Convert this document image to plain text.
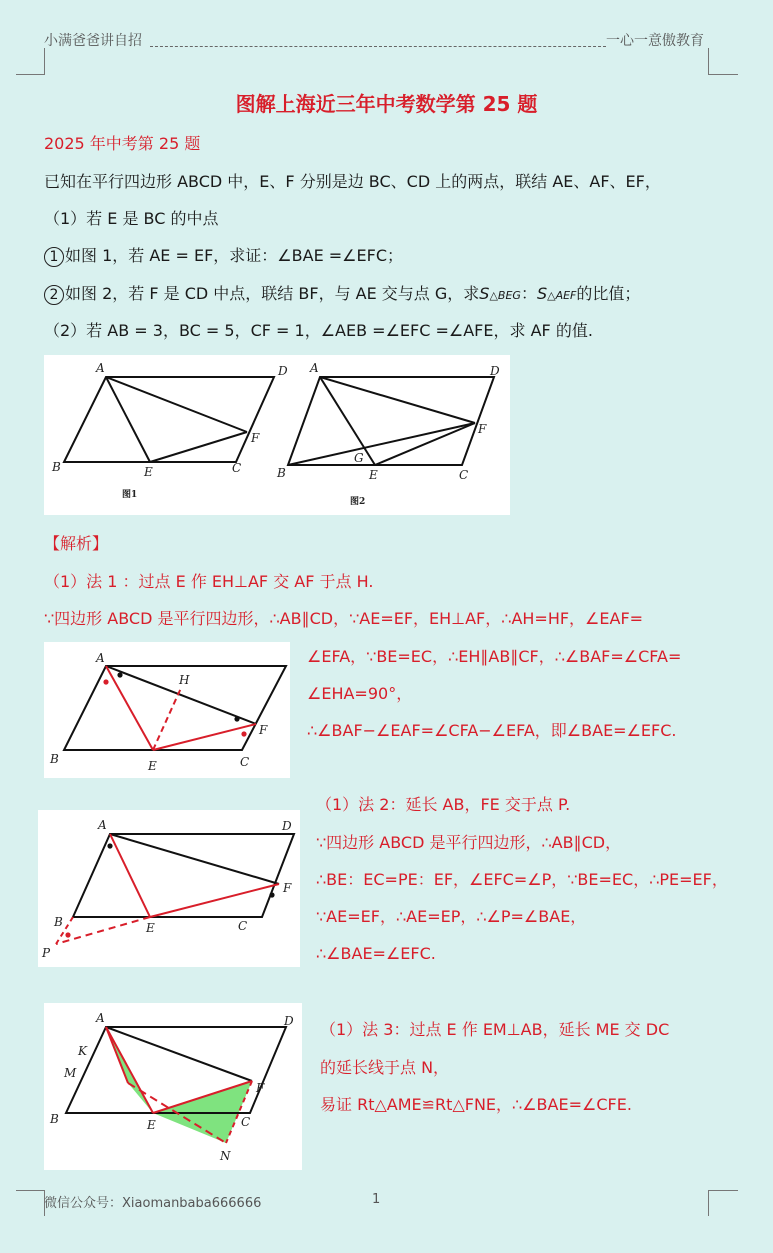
小满爸爸讲自招	一心一意傲教育
图解上海近三年中考数学第 25 题
2025 年中考第 25 题
已知在平行四边形 ABCD 中，E、F 分别是边 BC、CD 上的两点，联结 AE、AF、EF，
（1）若 E 是 BC 的中点
1 如图 1，若 AE = EF，求证：∠BAE =∠EFC；
2 如图 2，若 F 是 CD 中点，联结 BF，与 AE 交与点 G，求S△BEG：S△AEF的比值；
（2）若 AB = 3，BC = 5，CF = 1，∠AEB =∠EFC =∠AFE，求 AF 的值.
A	D
B	E	C
F
图1
A	D
B
G
E	C
F
图2
【解析】
（1）法 1 ：过点 E 作 EH⊥AF 交 AF 于点 H.
∵四边形 ABCD 是平行四边形，∴AB∥CD，∵AE=EF，EH⊥AF，∴AH=HF，∠EAF=
A
B	E	C
F
H
∠EFA，∵BE=EC，∴EH∥AB∥CF，∴∠BAF=∠CFA=
∠EHA=90°，
∴∠BAF−∠EAF=∠CFA−∠EFA，即∠BAE=∠EFC.
A	D
B	E	C
F
P
（1）法 2：延长 AB，FE 交于点 P.
∵四边形 ABCD 是平行四边形，∴AB∥CD，
∴BE：EC=PE：EF，∠EFC=∠P，∵BE=EC，∴PE=EF，
∵AE=EF，∴AE=EP，∴∠P=∠BAE，
∴∠BAE=∠EFC.
A	D
K
M
B	E	C
F
N
（1）法 3：过点 E 作 EM⊥AB，延长 ME 交 DC
的延长线于点 N，
易证 Rt△AME≌Rt△FNE，∴∠BAE=∠CFE.
微信公众号：Xiaomanbaba666666	1
